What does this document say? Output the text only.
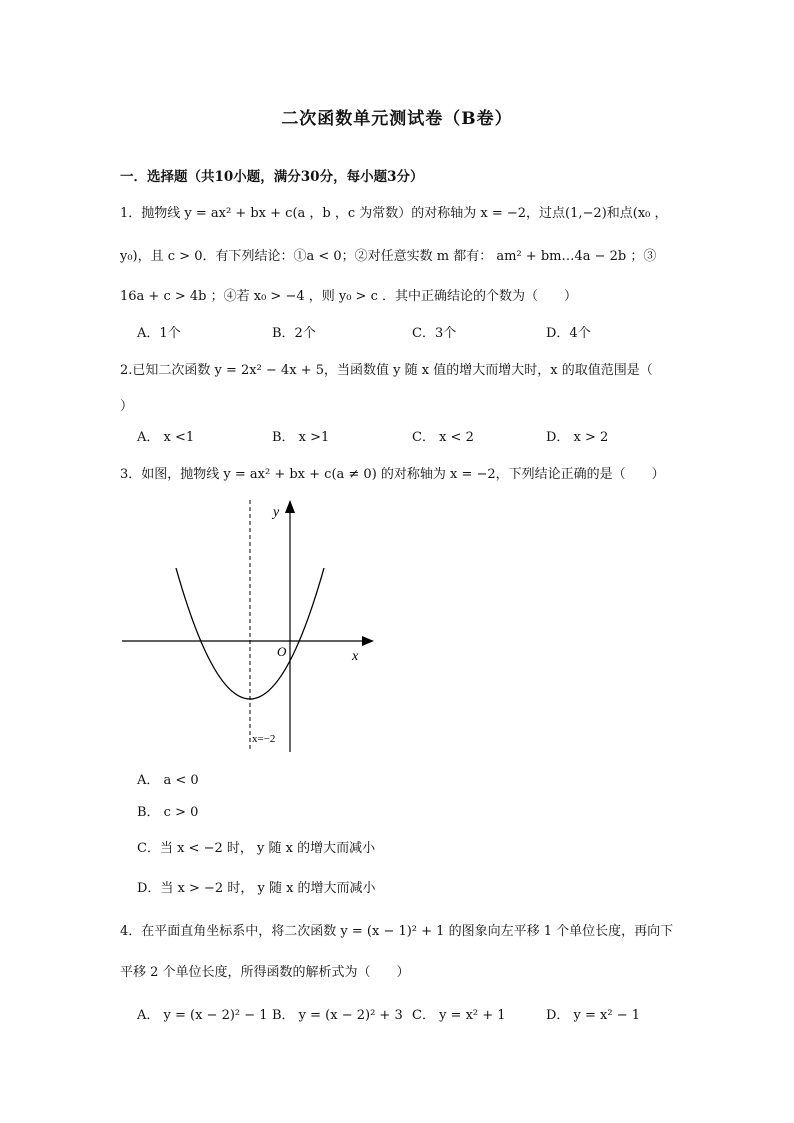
二次函数单元测试卷（B卷）
一．选择题（共10小题，满分30分，每小题3分）
1．抛物线 y = ax² + bx + c(a ，b ，c 为常数）的对称轴为 x = −2，过点(1,−2)和点(x₀ ，
y₀)，且 c > 0．有下列结论：①a < 0；②对任意实数 m 都有： am² + bm…4a − 2b ；③
16a + c > 4b ；④若 x₀ > −4 ，则 y₀ > c ．其中正确结论的个数为（　　）
A．1个	B．2个	C．3个	D．4个
2.已知二次函数 y = 2x² − 4x + 5，当函数值 y 随 x 值的增大而增大时，x 的取值范围是（
）
A． x <1	B． x >1	C． x < 2	D． x > 2
3．如图，抛物线 y = ax² + bx + c(a ≠ 0) 的对称轴为 x = −2，下列结论正确的是（　　）
y
x
O
x=−2
A． a < 0
B． c > 0
C．当 x < −2 时， y 随 x 的增大而减小
D．当 x > −2 时， y 随 x 的增大而减小
4．在平面直角坐标系中，将二次函数 y = (x − 1)² + 1 的图象向左平移 1 个单位长度，再向下
平移 2 个单位长度，所得函数的解析式为（　　）
A． y = (x − 2)² − 1 B． y = (x − 2)² + 3 C． y = x² + 1	D． y = x² − 1
